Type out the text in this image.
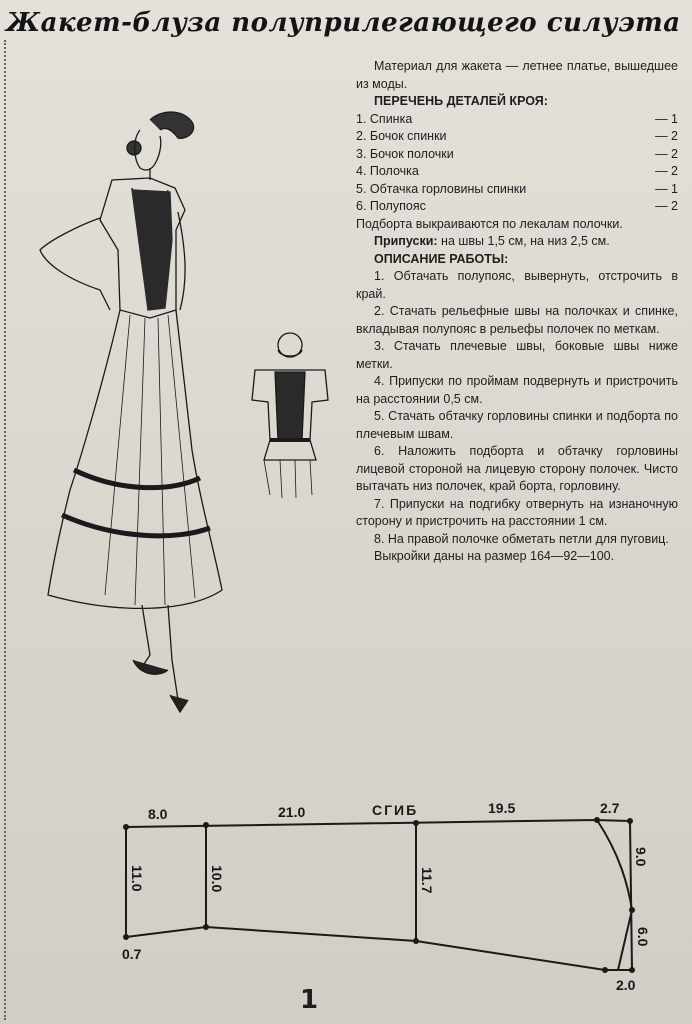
Жакет-блуза полуприлегающего силуэта

Материал для жакета — летнее платье, вышедшее из моды.

ПЕРЕЧЕНЬ ДЕТАЛЕЙ КРОЯ:

1. Спинка	— 1
2. Бочок спинки	— 2
3. Бочок полочки	— 2
4. Полочка	— 2
5. Обтачка горловины спинки	— 1
6. Полупояс	— 2

Подборта выкраиваются по лекалам полочки.

Припуски: на швы 1,5 см, на низ 2,5 см.

ОПИСАНИЕ РАБОТЫ:

1. Обтачать полупояс, вывернуть, отстрочить в край.

2. Стачать рельефные швы на полочках и спинке, вкладывая полупояс в рельефы полочек по меткам.

3. Стачать плечевые швы, боковые швы ниже метки.

4. Припуски по проймам подвернуть и пристрочить на расстоянии 0,5 см.

5. Стачать обтачку горловины спинки и подборта по плечевым швам.

6. Наложить подборта и обтачку горловины лицевой стороной на лицевую сторону полочек. Чисто вытачать низ полочек, край борта, горловину.

7. Припуски на подгибку отвернуть на изнаночную сторону и пристрочить на расстоянии 1 см.

8. На правой полочке обметать петли для пуговиц.

Выкройки даны на размер 164—92—100.

8.0	21.0	СГИБ	19.5	2.7
11.0	10.0	11.7
9.0
6.0
0.7
2.0
1
